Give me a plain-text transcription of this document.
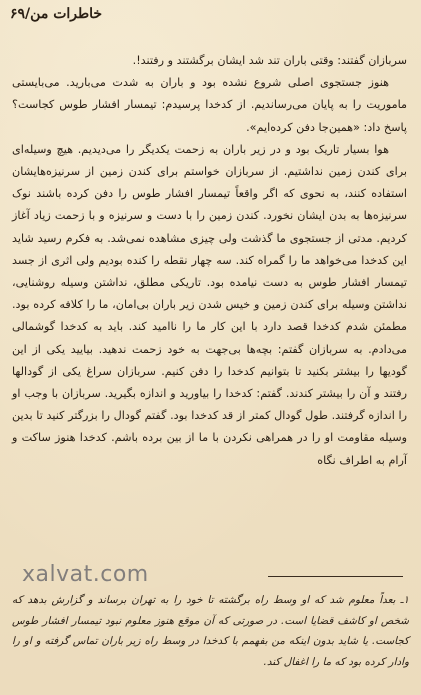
خاطرات من/۶۹

سربازان گفتند: وقتی باران تند شد ایشان برگشتند و رفتند!.

هنوز جستجوی اصلی شروع نشده بود و باران به شدت می‌بارید. می‌بایستی ماموریت را به پایان می‌رساندیم. از کدخدا پرسیدم: تیمسار افشار طوس کجاست؟ پاسخ داد: «همین‌جا دفن کرده‌ایم».

هوا بسیار تاریک بود و در زیر باران به زحمت یکدیگر را می‌دیدیم. هیچ وسیله‌ای برای کندن زمین نداشتیم. از سربازان خواستم برای کندن زمین از سرنیزه‌هایشان استفاده کنند، به نحوی که اگر واقعاً تیمسار افشار طوس را دفن کرده باشند نوک سرنیزه‌ها به بدن ایشان نخورد. کندن زمین را با دست و سرنیزه و با زحمت زیاد آغاز کردیم. مدتی از جستجوی ما گذشت ولی چیزی مشاهده نمی‌شد. به فکرم رسید شاید این کدخدا می‌خواهد ما را گمراه کند. سه چهار نقطه را کنده بودیم ولی اثری از جسد تیمسار افشار طوس به دست نیامده بود. تاریکی مطلق، نداشتن وسیله روشنایی، نداشتن وسیله برای کندن زمین و خیس شدن زیر باران بی‌امان، ما را کلافه کرده بود. مطمئن شدم کدخدا قصد دارد با این کار ما را ناامید کند. باید به کدخدا گوشمالی می‌دادم. به سربازان گفتم: بچه‌ها بی‌جهت به خود زحمت ندهید. بیایید یکی از این گودیها را بیشتر بکنید تا بتوانیم کدخدا را دفن کنیم. سربازان سراغ یکی از گودالها رفتند و آن را بیشتر کندند. گفتم: کدخدا را بیاورید و اندازه بگیرید. سربازان با وجب او را اندازه گرفتند. طول گودال کمتر از قد کدخدا بود. گفتم گودال را بزرگتر کنید تا بدین وسیله مقاومت او را در همراهی نکردن با ما از بین برده باشم. کدخدا هنوز ساکت و آرام به اطراف نگاه

xalvat.com

۱ـ بعداً معلوم شد که او وسط راه برگشته تا خود را به تهران برساند و گزارش بدهد که شخص او کاشف قضایا است. در صورتی که آن موقع هنوز معلوم نبود تیمسار افشار طوس کجاست. یا شاید بدون اینکه من بفهمم با کدخدا در وسط راه زیر باران تماس گرفته و او را وادار کرده بود که ما را اغفال کند.
